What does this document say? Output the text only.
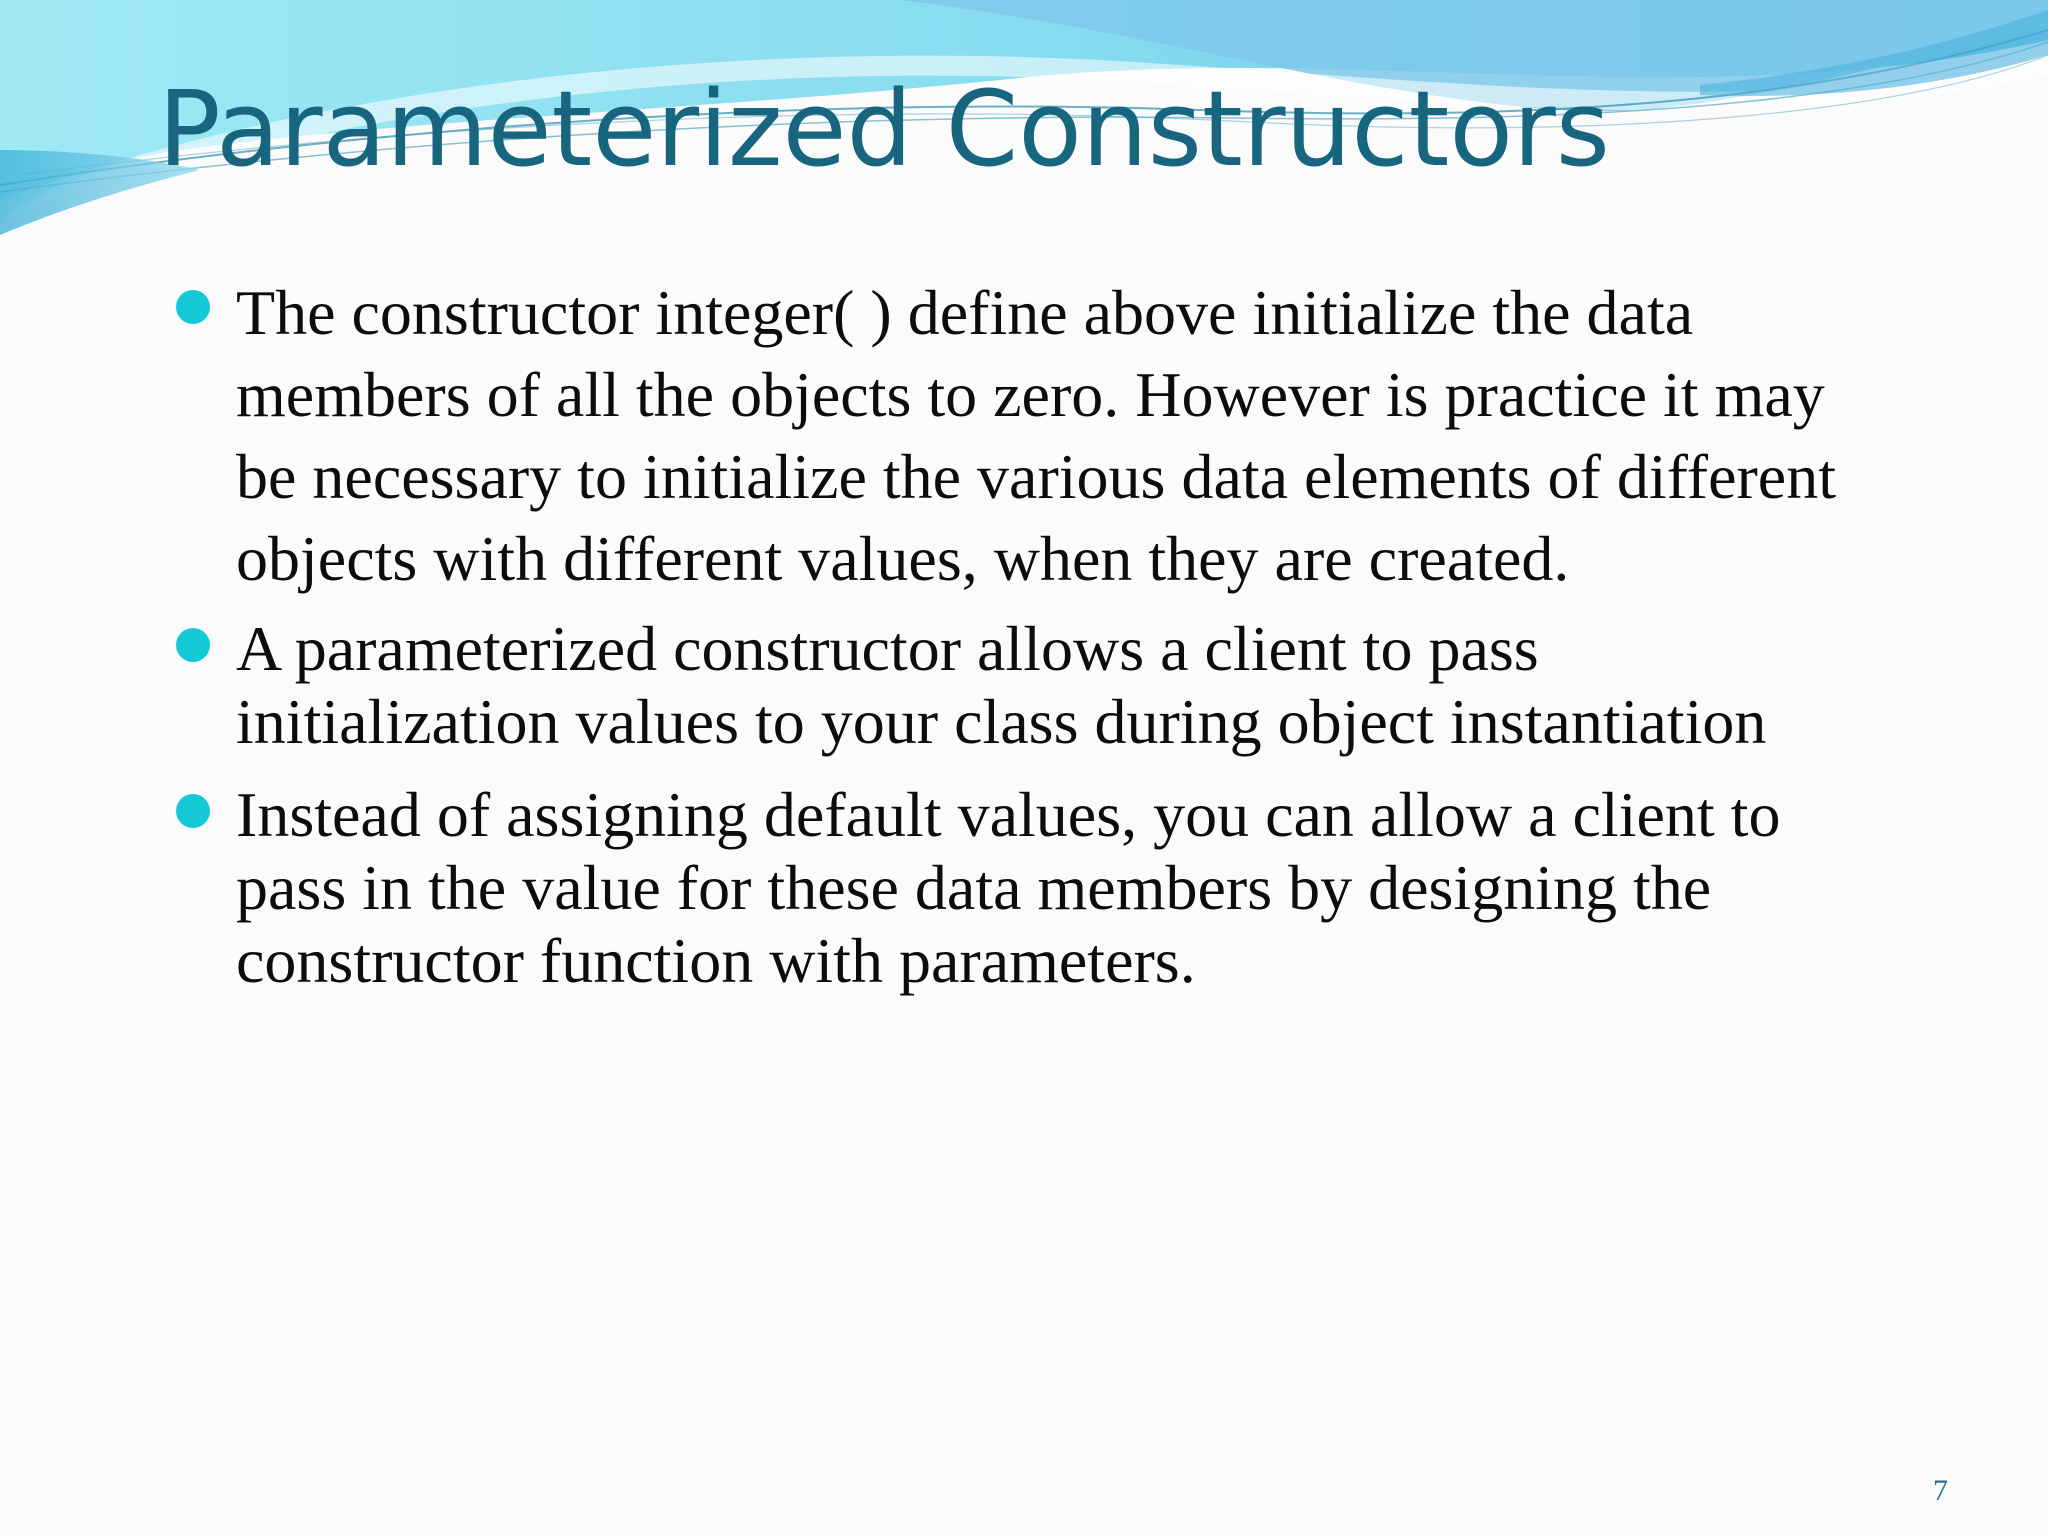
Parameterized Constructors
The constructor integer( ) define above initialize the data members of all the objects to zero. However is practice it may be necessary to initialize the various data elements of different objects with different values, when they are created.
A parameterized constructor allows a client to pass initialization values to your class during object instantiation
Instead of assigning default values, you can allow a client to pass in the value for these data members by designing the constructor function with parameters.
7
